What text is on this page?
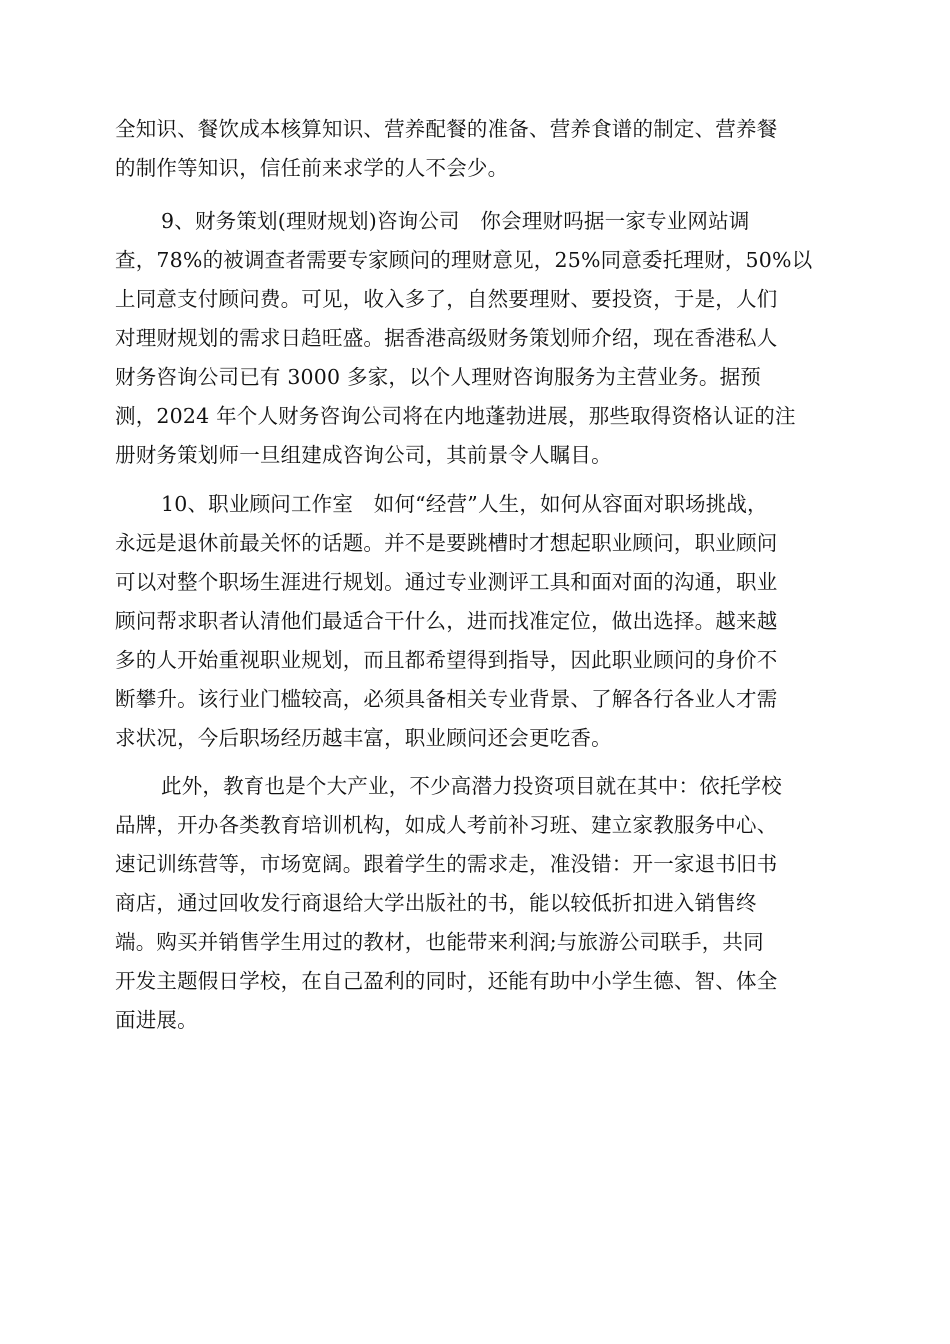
全知识、餐饮成本核算知识、营养配餐的准备、营养食谱的制定、营养餐
的制作等知识，信任前来求学的人不会少。
9、财务策划(理财规划)咨询公司　你会理财吗据一家专业网站调
查，78%的被调查者需要专家顾问的理财意见，25%同意委托理财，50%以
上同意支付顾问费。可见，收入多了，自然要理财、要投资，于是，人们
对理财规划的需求日趋旺盛。据香港高级财务策划师介绍，现在香港私人
财务咨询公司已有 3000 多家，以个人理财咨询服务为主营业务。据预
测，2024 年个人财务咨询公司将在内地蓬勃进展，那些取得资格认证的注
册财务策划师一旦组建成咨询公司，其前景令人瞩目。
10、职业顾问工作室　如何“经营”人生，如何从容面对职场挑战，
永远是退休前最关怀的话题。并不是要跳槽时才想起职业顾问，职业顾问
可以对整个职场生涯进行规划。通过专业测评工具和面对面的沟通，职业
顾问帮求职者认清他们最适合干什么，进而找准定位，做出选择。越来越
多的人开始重视职业规划，而且都希望得到指导，因此职业顾问的身价不
断攀升。该行业门槛较高，必须具备相关专业背景、了解各行各业人才需
求状况，今后职场经历越丰富，职业顾问还会更吃香。
此外，教育也是个大产业，不少高潜力投资项目就在其中：依托学校
品牌，开办各类教育培训机构，如成人考前补习班、建立家教服务中心、
速记训练营等，市场宽阔。跟着学生的需求走，准没错：开一家退书旧书
商店，通过回收发行商退给大学出版社的书，能以较低折扣进入销售终
端。购买并销售学生用过的教材，也能带来利润;与旅游公司联手，共同
开发主题假日学校，在自己盈利的同时，还能有助中小学生德、智、体全
面进展。
